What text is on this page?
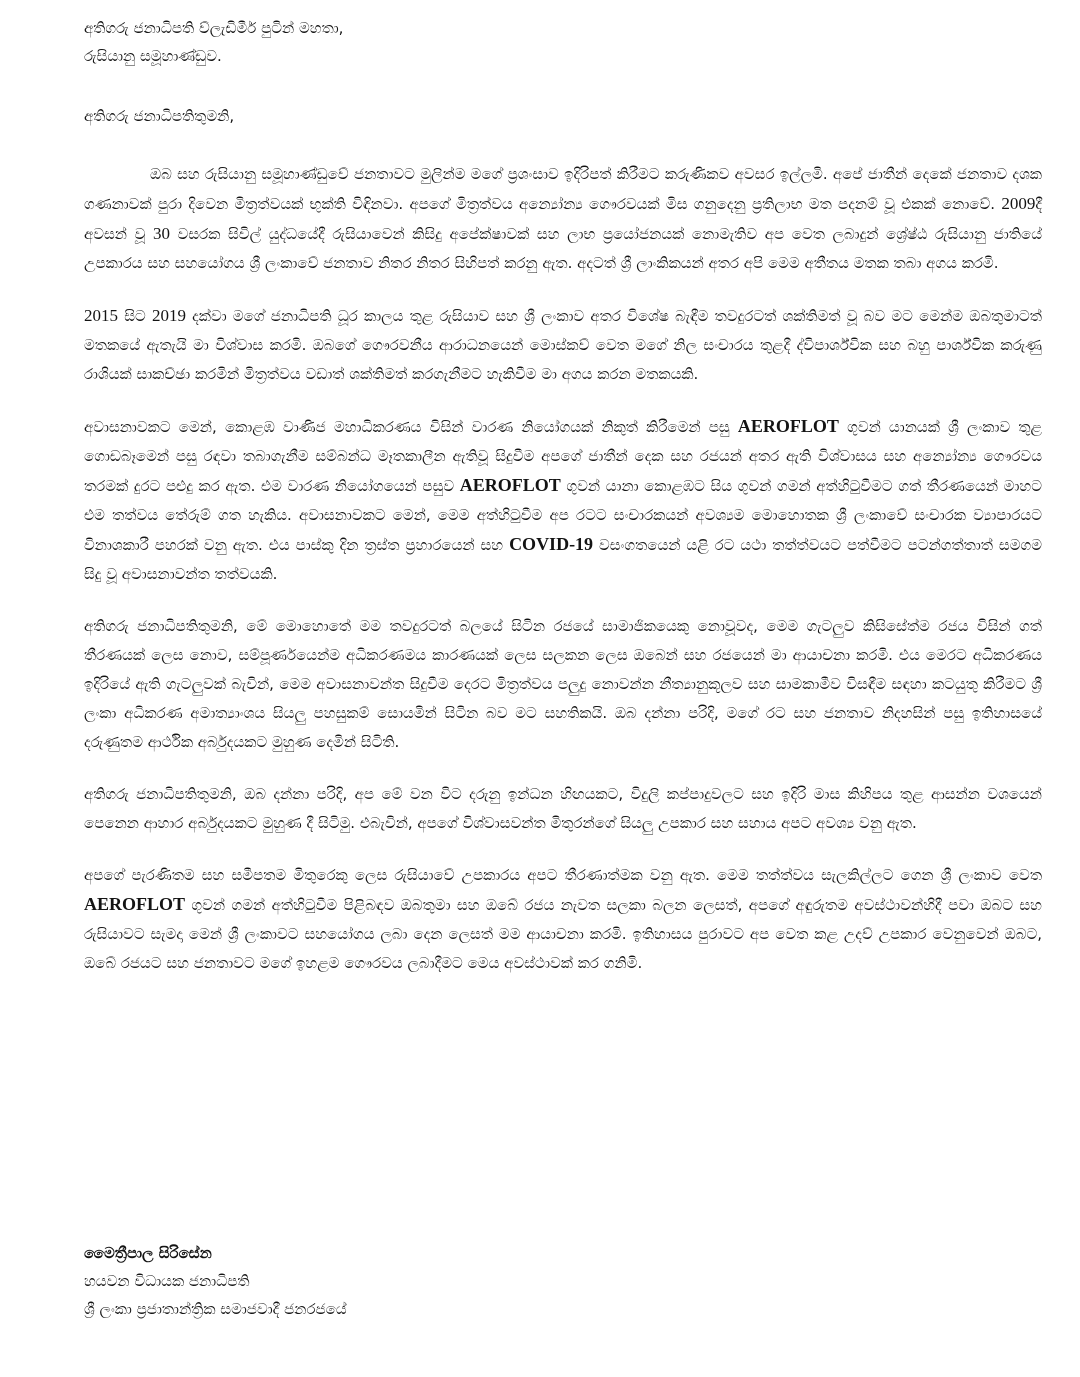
අතිගරු ජනාධිපති ව්ලැඩිමීර් පුටින් මහතා,
රුසියානු සමූහාණ්ඩුව.
අතිගරු ජනාධිපතිතුමනි,

ඔබ සහ රුසියානු සමූහාණ්ඩුවේ ජනතාවට මුලින්ම මගේ ප්‍රශංසාව ඉදිරිපත් කිරීමට කරුණිකව අවසර ඉල්ලමි. අපේ ජාතීන් දෙකේ ජනතාව දශක ගණනාවක් පුරා දිවෙන මිත්‍රත්වයක් භුක්ති විඳිනවා. අපගේ මිත්‍රත්වය අන්‍යෝන්‍ය ගෞරවයක් මිස ගනුදෙනු ප්‍රතිලාභ මත පදනම් වූ එකක් නොවේ. 2009දී අවසන් වූ 30 වසරක සිවිල් යුද්ධයේදී රුසියාවෙන් කිසිදු අපේක්ෂාවක් සහ ලාභ ප්‍රයෝජනයක් නොමැතිව අප වෙත ලබාදුන් ශ්‍රේෂ්ඨ රුසියානු ජාතියේ උපකාරය සහ සහයෝගය ශ්‍රී ලංකාවේ ජනතාව නිතර නිතර සිහිපත් කරනු ඇත. අදටත් ශ්‍රී ලාංකිකයන් අතර අපි මෙම අතීතය මතක තබා අගය කරමි.

2015 සිට 2019 දක්වා මගේ ජනාධිපති ධූර කාලය තුළ රුසියාව සහ ශ්‍රී ලංකාව අතර විශේෂ බැඳීම තවදුරටත් ශක්තිමත් වූ බව මට මෙන්ම ඔබතුමාටත් මතකයේ ඇතැයි මා විශ්වාස කරමි. ඔබගේ ගෞරවනීය ආරාධනයෙන් මොස්කව් වෙත මගේ නිල සංචාරය තුළදී ද්විපාර්ශ්වික සහ බහු පාර්ශ්වික කරුණු රාශියක් සාකච්ඡා කරමින් මිත්‍රත්වය වඩාත් ශක්තිමත් කරගැනීමට හැකිවීම මා අගය කරන මතකයකි.

අවාසනාවකට මෙන්, කොළඹ වාණිජ මහාධිකරණය විසින් වාරණ නියෝගයක් නිකුත් කිරීමෙන් පසු AEROFLOT ගුවන් යානයක් ශ්‍රී ලංකාව තුළ ගොඩබෑමෙන් පසු රඳවා තබාගැනීම සම්බන්ධ මෑතකාලීන ඇතිවූ සිදුවීම අපගේ ජාතීන් දෙක සහ රජයන් අතර ඇති විශ්වාසය සහ අන්‍යෝන්‍ය ගෞරවය තරමක් දුරට පළුදු කර ඇත. එම වාරණ නියෝගයෙන් පසුව AEROFLOT ගුවන් යානා කොළඹට සිය ගුවන් ගමන් අත්හිටුවීමට ගත් තීරණයෙන් මාහට එම තත්වය තේරුම් ගත හැකිය. අවාසනාවකට මෙන්, මෙම අත්හිටුවීම අප රටට සංචාරකයන් අවශ්‍යම මොහොතක ශ්‍රී ලංකාවේ සංචාරක ව්‍යාපාරයට විනාශකාරී පහරක් වනු ඇත. එය පාස්කු දින ත්‍රස්ත ප්‍රහාරයෙන් සහ COVID-19 වසංගතයෙන් යළි රට යථා තත්ත්වයට පත්වීමට පටන්ගත්තාත් සමගම සිදු වූ අවාසනාවන්ත තත්වයකි.

අතිගරු ජනාධිපතිතුමනි, මේ මොහොතේ මම තවදුරටත් බලයේ සිටින රජයේ සාමාජිකයෙකු නොවූවද, මෙම ගැටලුව කිසිසේත්ම රජය විසින් ගත් තීරණයක් ලෙස නොව, සම්පූර්ණයෙන්ම අධිකරණමය කාරණයක් ලෙස සලකන ලෙස ඔබෙන් සහ රජයෙන් මා ආයාචනා කරමි. එය මෙරට අධිකරණය ඉදිරියේ ඇති ගැටලුවක් බැවින්, මෙම අවාසනාවන්ත සිදුවීම දෙරට මිත්‍රත්වය පලුදු නොවන්න නීත්‍යානුකූලව සහ සාමකාමීව විසඳීම සඳහා කටයුතු කිරීමට ශ්‍රී ලංකා අධිකරණ අමාත්‍යාංශය සියලු පහසුකම් සොයමින් සිටින බව මට සහතිකයි. ඔබ දන්නා පරිදි, මගේ රට සහ ජනතාව නිදහසින් පසු ඉතිහාසයේ දරුණුතම ආර්ථික අර්බුදයකට මුහුණ දෙමින් සිටිති.

අතිගරු ජනාධිපතිතුමනි, ඔබ දන්නා පරිදි, අප මේ වන විට දරුනු ඉන්ධන හිඟයකට, විදුලි කප්පාදුවලට සහ ඉදිරි මාස කිහිපය තුළ ආසන්න වශයෙන් පෙනෙන ආහාර අර්බුදයකට මුහුණ දී සිටිමු. එබැවින්, අපගේ විශ්වාසවන්ත මිතුරන්ගේ සියලු උපකාර සහ සහාය අපට අවශ්‍ය වනු ඇත.

අපගේ පැරණිතම සහ සමීපතම මිතුරෙකු ලෙස රුසියාවේ උපකාරය අපට තීරණාත්මක වනු ඇත. මෙම තත්ත්වය සැලකිල්ලට ගෙන ශ්‍රී ලංකාව වෙත AEROFLOT ගුවන් ගමන් අත්හිටුවීම පිළිබඳව ඔබතුමා සහ ඔබේ රජය නැවත සලකා බලන ලෙසත්, අපගේ අඳුරුතම අවස්ථාවන්හිදී පවා ඔබට සහ රුසියාවට සැමදා මෙන් ශ්‍රී ලංකාවට සහයෝගය ලබා දෙන ලෙසත් මම ආයාචනා කරමි. ඉතිහාසය පුරාවට අප වෙත කළ උදව් උපකාර වෙනුවෙන් ඔබට, ඔබේ රජයට සහ ජනතාවට මගේ ඉහළම ගෞරවය ලබාදීමට මෙය අවස්ථාවක් කර ගනිමි.

මෛත්‍රීපාල සිරිසේන
හයවන විධායක ජනාධිපති
ශ්‍රී ලංකා ප්‍රජාතාන්ත්‍රික සමාජවාදී ජනරජයේ
